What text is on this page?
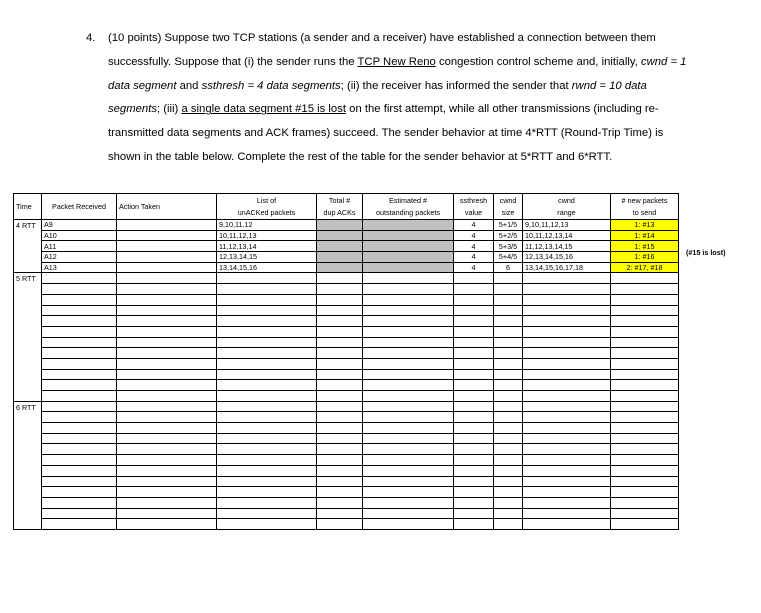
4. (10 points) Suppose two TCP stations (a sender and a receiver) have established a connection between them successfully. Suppose that (i) the sender runs the TCP New Reno congestion control scheme and, initially, cwnd = 1 data segment and ssthresh = 4 data segments; (ii) the receiver has informed the sender that rwnd = 10 data segments; (iii) a single data segment #15 is lost on the first attempt, while all other transmissions (including re-transmitted data segments and ACK frames) succeed. The sender behavior at time 4*RTT (Round-Trip Time) is shown in the table below. Complete the rest of the table for the sender behavior at 5*RTT and 6*RTT.
Time	Packet Received	Action Taken	List of	Total #	Estimated #	ssthresh	cwnd	cwnd	# new packets
			unACKed packets	dup ACKs	outstanding packets	value	size	range	to send
4 RTT	A9		9,10,11,12			4	5+1/5	9,10,11,12,13	1: #13
	A10		10,11,12,13			4	5+2/5	10,11,12,13,14	1: #14
	A11		11,12,13,14			4	5+3/5	11,12,13,14,15	1: #15
	A12		12,13,14,15			4	5+4/5	12,13,14,15,16	1: #16
	A13		13,14,15,16			4	6	13,14,15,16,17,18	2: #17, #18
5 RTT									

6 RTT									

(#15 is lost)
